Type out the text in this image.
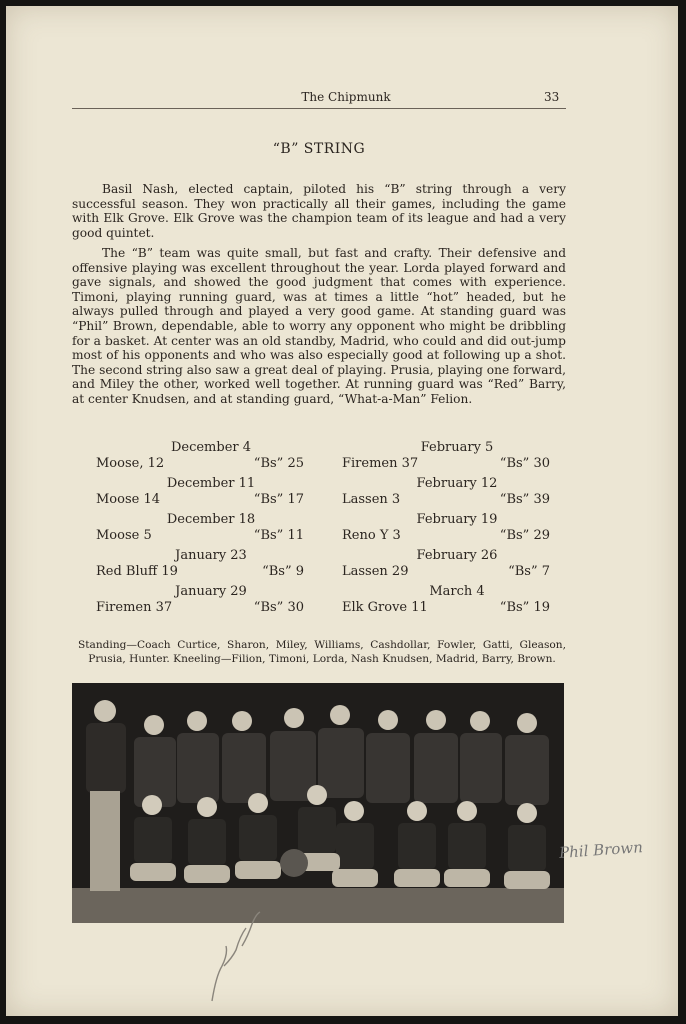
The Chipmunk	33
“B” STRING

Basil Nash, elected captain, piloted his “B” string through a very successful season. They won practically all their games, including the game with Elk Grove. Elk Grove was the champion team of its league and had a very good quintet.

The “B” team was quite small, but fast and crafty. Their defensive and offensive playing was excellent throughout the year. Lorda played forward and gave signals, and showed the good judgment that comes with experience. Timoni, playing running guard, was at times a little “hot” headed, but he always pulled through and played a very good game. At standing guard was “Phil” Brown, dependable, able to worry any opponent who might be dribbling for a basket. At center was an old standby, Madrid, who could and did out-jump most of his opponents and who was also especially good at following up a shot. The second string also saw a great deal of playing. Prusia, playing one forward, and Miley the other, worked well together. At running guard was “Red” Barry, at center Knudsen, and at standing guard, “What-a-Man” Felion.

December 4
Moose, 12	“Bs” 25
December 11
Moose 14	“Bs” 17
December 18
Moose 5	“Bs” 11
January 23
Red Bluff 19	“Bs” 9
January 29
Firemen 37	“Bs” 30
February 5
Firemen 37	“Bs” 30
February 12
Lassen 3	“Bs” 39
February 19
Reno Y 3	“Bs” 29
February 26
Lassen 29	“Bs” 7
March 4
Elk Grove 11	“Bs” 19

Standing—Coach Curtice, Sharon, Miley, Williams, Cashdollar, Fowler, Gatti, Gleason, Prusia, Hunter. Kneeling—Filion, Timoni, Lorda, Nash Knudsen, Madrid, Barry, Brown.

Phil Brown
